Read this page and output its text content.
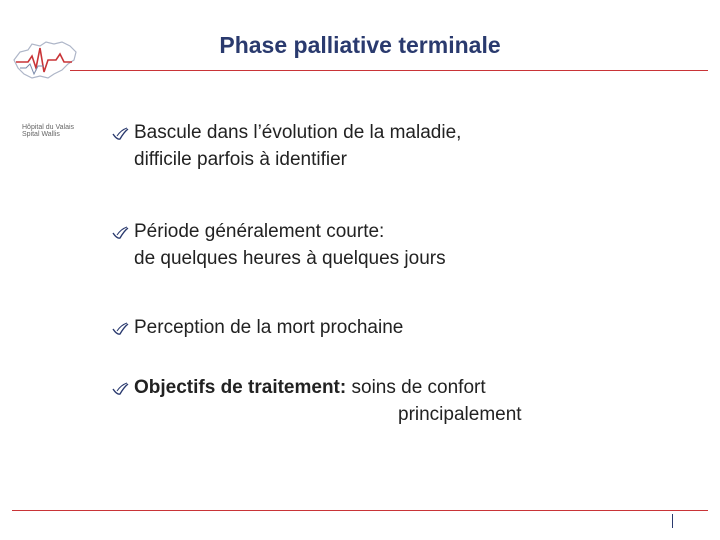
Hôpital du Valais
Spital Wallis
Phase palliative terminale
Bascule dans l’évolution de la maladie,
difficile parfois à identifier
Période généralement courte:
de quelques heures à quelques jours
Perception de la mort prochaine
Objectifs de traitement: soins de confort
principalement
